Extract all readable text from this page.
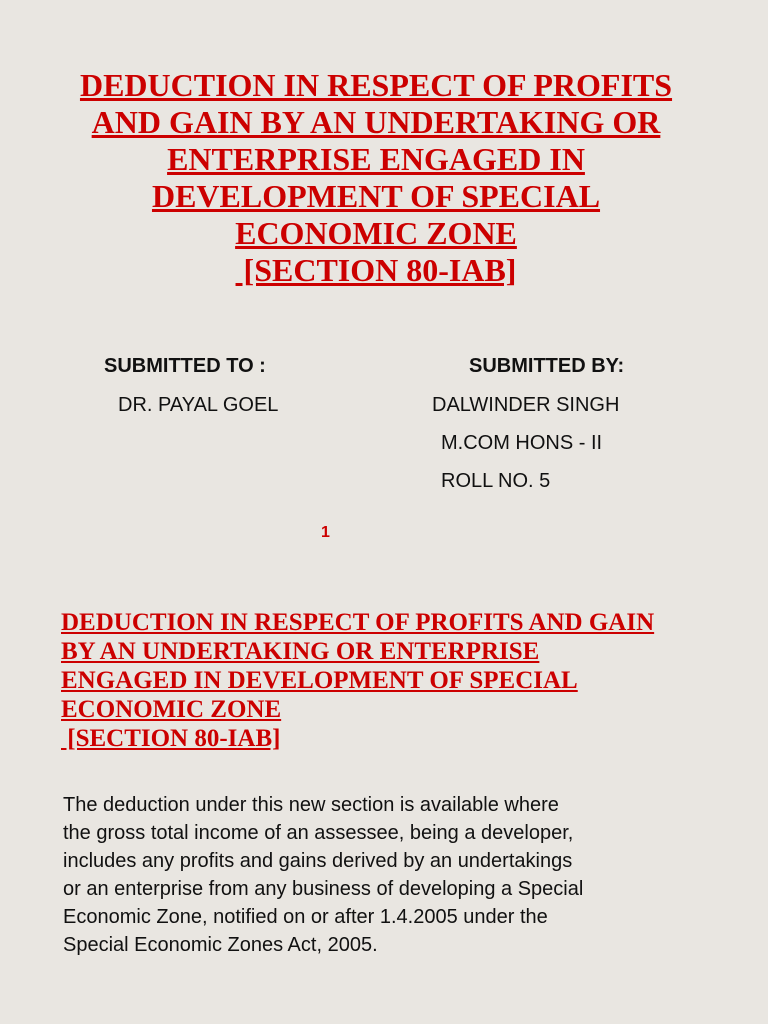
DEDUCTION IN RESPECT OF PROFITS
AND GAIN BY AN UNDERTAKING OR
ENTERPRISE ENGAGED IN
DEVELOPMENT OF SPECIAL
ECONOMIC ZONE
[SECTION 80-IAB]
SUBMITTED TO :
DR. PAYAL GOEL
SUBMITTED BY:
DALWINDER SINGH
M.COM HONS - II
ROLL NO. 5
1
DEDUCTION IN RESPECT OF PROFITS AND GAIN
BY AN UNDERTAKING OR ENTERPRISE
ENGAGED IN DEVELOPMENT OF SPECIAL
ECONOMIC ZONE
[SECTION 80-IAB]
The deduction under this new section is available where
the gross total income of an assessee, being a developer,
includes any profits and gains derived by an undertakings
or an enterprise from any business of developing a Special
Economic Zone, notified on or after 1.4.2005 under the
Special Economic Zones Act, 2005.
